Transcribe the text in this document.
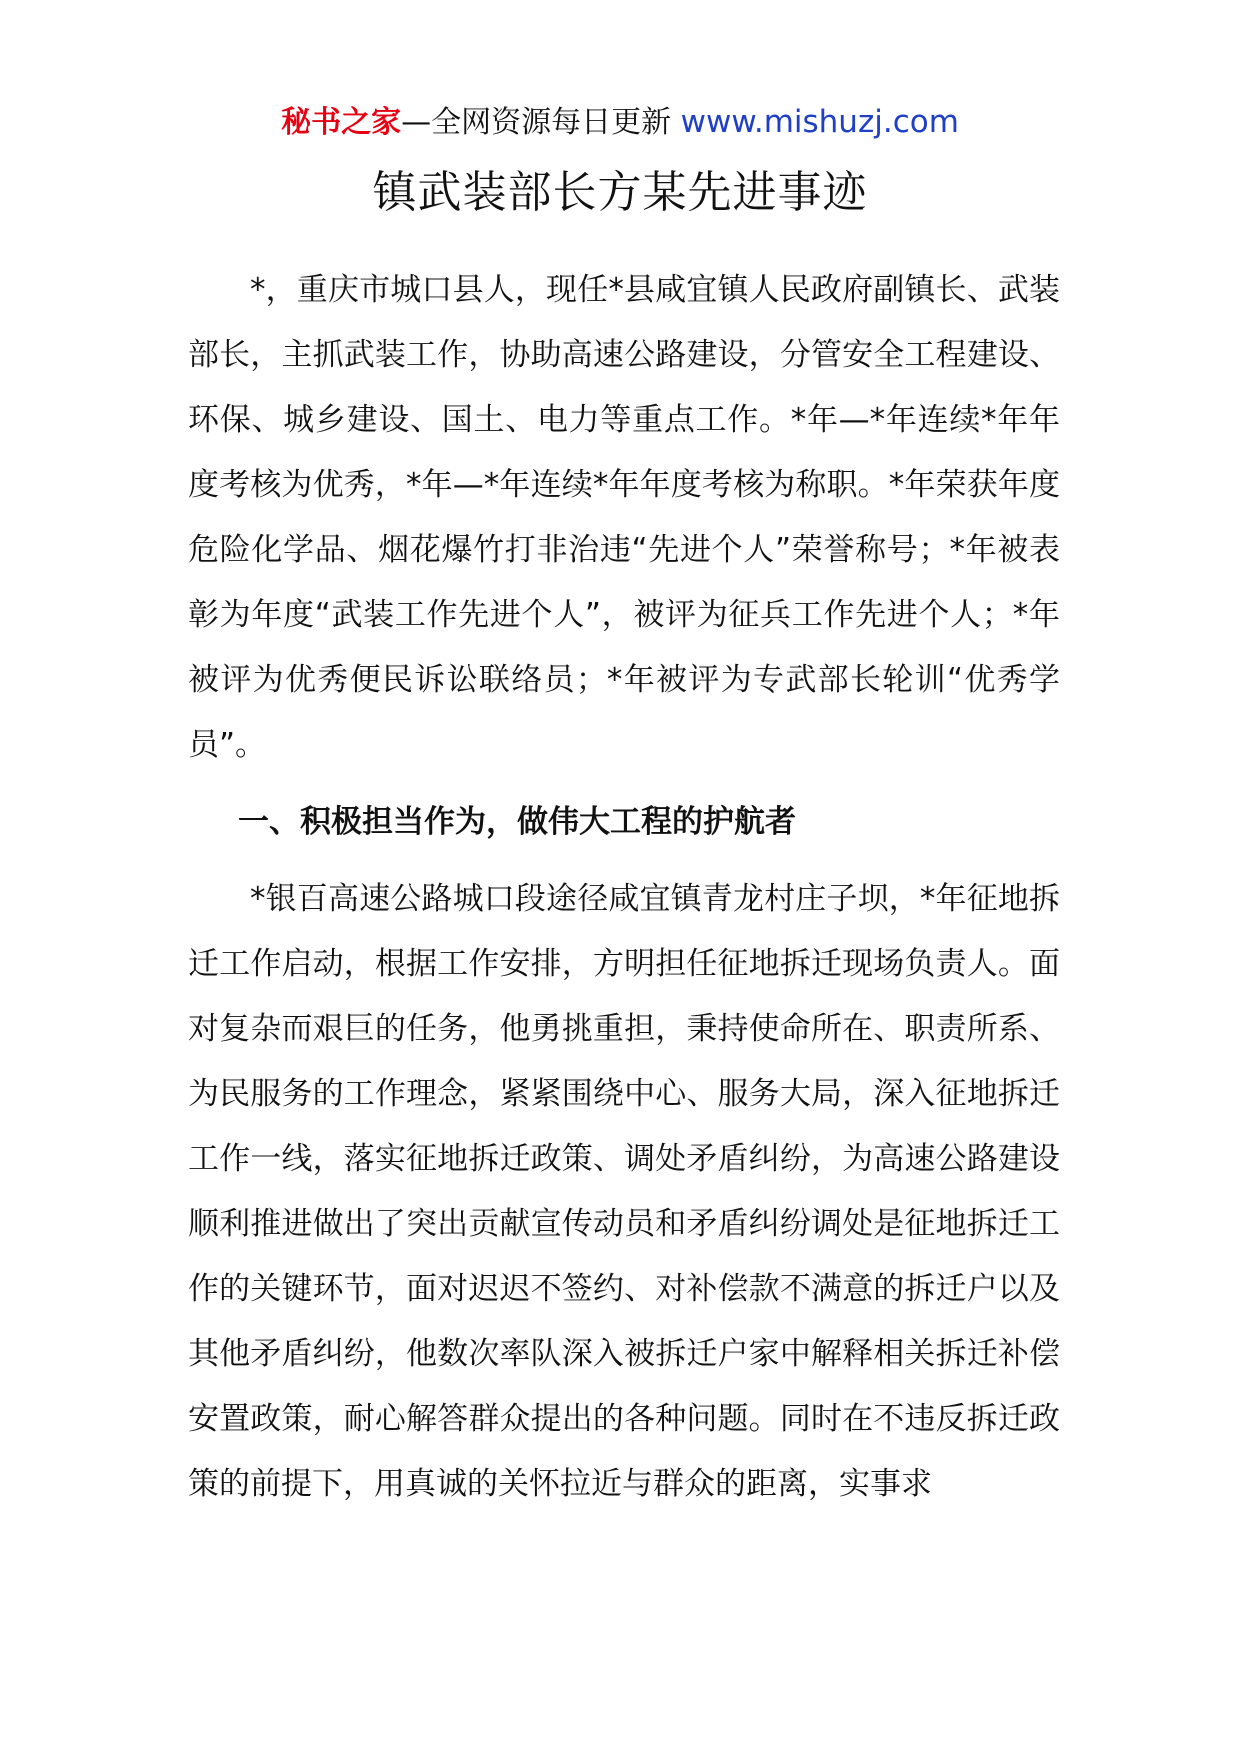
秘书之家—全网资源每日更新 www.mishuzj.com
镇武装部长方某先进事迹

*，重庆市城口县人，现任*县咸宜镇人民政府副镇长、武装部长，主抓武装工作，协助高速公路建设，分管安全工程建设、环保、城乡建设、国土、电力等重点工作。*年—*年连续*年年度考核为优秀，*年—*年连续*年年度考核为称职。*年荣获年度危险化学品、烟花爆竹打非治违“先进个人”荣誉称号；*年被表彰为年度“武装工作先进个人”，被评为征兵工作先进个人；*年被评为优秀便民诉讼联络员；*年被评为专武部长轮训“优秀学员”。

一、积极担当作为，做伟大工程的护航者

*银百高速公路城口段途径咸宜镇青龙村庄子坝，*年征地拆迁工作启动，根据工作安排，方明担任征地拆迁现场负责人。面对复杂而艰巨的任务，他勇挑重担，秉持使命所在、职责所系、为民服务的工作理念，紧紧围绕中心、服务大局，深入征地拆迁工作一线，落实征地拆迁政策、调处矛盾纠纷，为高速公路建设顺利推进做出了突出贡献宣传动员和矛盾纠纷调处是征地拆迁工作的关键环节，面对迟迟不签约、对补偿款不满意的拆迁户以及其他矛盾纠纷，他数次率队深入被拆迁户家中解释相关拆迁补偿安置政策，耐心解答群众提出的各种问题。同时在不违反拆迁政策的前提下，用真诚的关怀拉近与群众的距离，实事求
